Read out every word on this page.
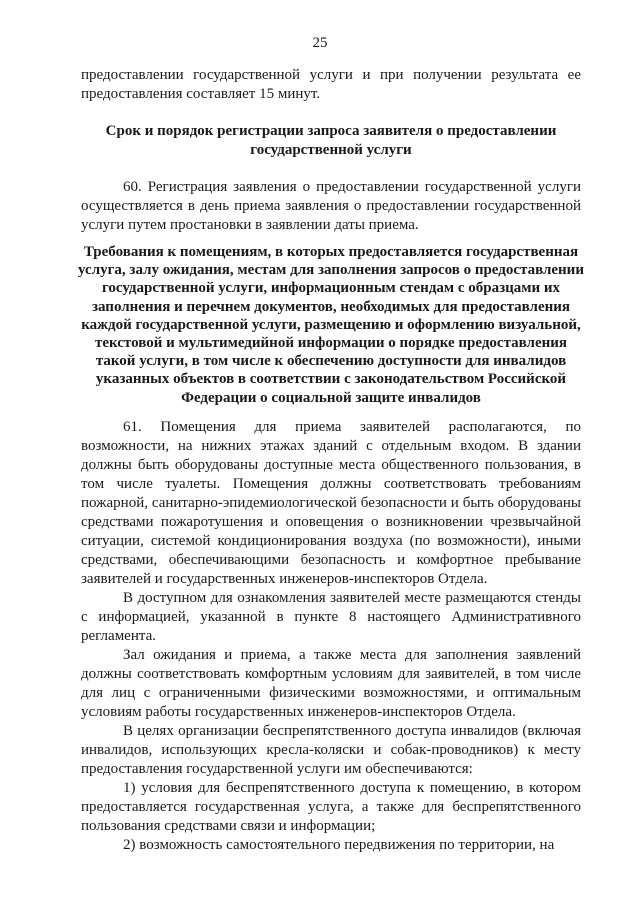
25

предоставлении государственной услуги и при получении результата ее предоставления составляет 15 минут.

Срок и порядок регистрации запроса заявителя о предоставлении государственной услуги

60. Регистрация заявления о предоставлении государственной услуги осуществляется в день приема заявления о предоставлении государственной услуги путем простановки в заявлении даты приема.

Требования к помещениям, в которых предоставляется государственная услуга, залу ожидания, местам для заполнения запросов о предоставлении государственной услуги, информационным стендам с образцами их заполнения и перечнем документов, необходимых для предоставления каждой государственной услуги, размещению и оформлению визуальной, текстовой и мультимедийной информации о порядке предоставления такой услуги, в том числе к обеспечению доступности для инвалидов указанных объектов в соответствии с законодательством Российской Федерации о социальной защите инвалидов

61. Помещения для приема заявителей располагаются, по возможности, на нижних этажах зданий с отдельным входом. В здании должны быть оборудованы доступные места общественного пользования, в том числе туалеты. Помещения должны соответствовать требованиям пожарной, санитарно-эпидемиологической безопасности и быть оборудованы средствами пожаротушения и оповещения о возникновении чрезвычайной ситуации, системой кондиционирования воздуха (по возможности), иными средствами, обеспечивающими безопасность и комфортное пребывание заявителей и государственных инженеров-инспекторов Отдела.

В доступном для ознакомления заявителей месте размещаются стенды с информацией, указанной в пункте 8 настоящего Административного регламента.

Зал ожидания и приема, а также места для заполнения заявлений должны соответствовать комфортным условиям для заявителей, в том числе для лиц с ограниченными физическими возможностями, и оптимальным условиям работы государственных инженеров-инспекторов Отдела.

В целях организации беспрепятственного доступа инвалидов (включая инвалидов, использующих кресла-коляски и собак-проводников) к месту предоставления государственной услуги им обеспечиваются:

1) условия для беспрепятственного доступа к помещению, в котором предоставляется государственная услуга, а также для беспрепятственного пользования средствами связи и информации;

2) возможность самостоятельного передвижения по территории, на
